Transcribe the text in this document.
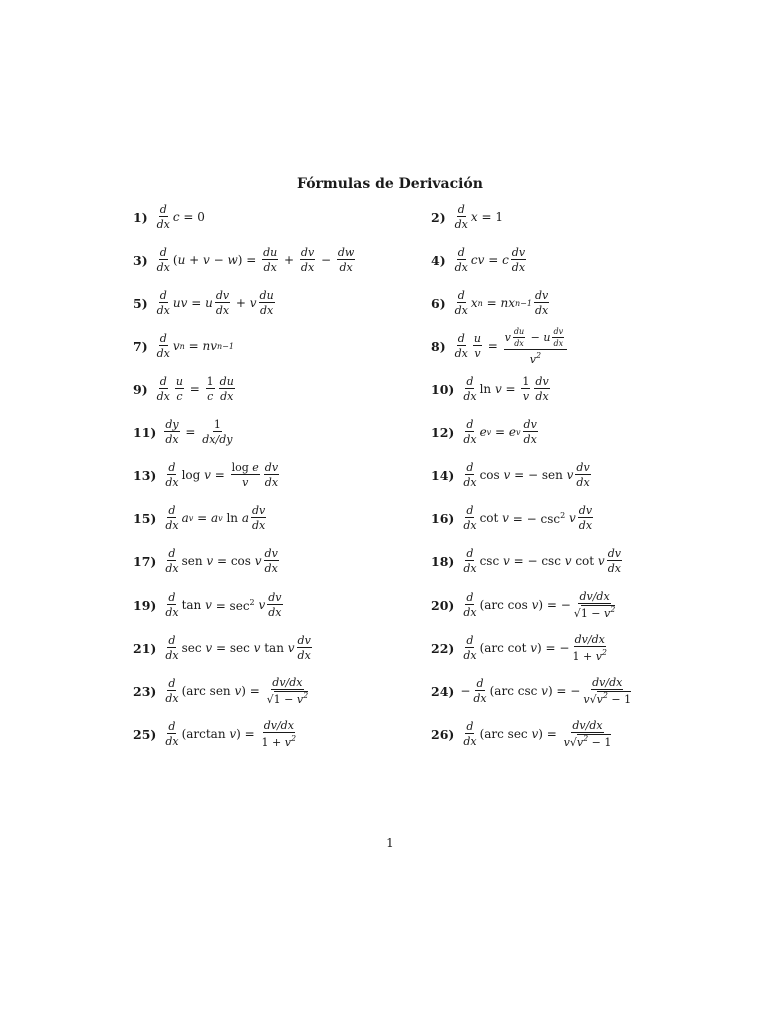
Fórmulas de Derivación
$1) \frac{d}{dx}$ c = 0	$2) \frac{d}{dx}$ x = 1
$3) \frac{d}{dx}$ ( u + v − w ) = $\frac{du}{dx} + \frac{dv}{dx} - \frac{dw}{dx}$	$4) \frac{d}{dx}$ cv = c $\frac{dv}{dx}$
$5) \frac{d}{dx}$ uv = u $\frac{dv}{dx} + v \frac{du}{dx}$	$6) \frac{d}{dx}$ x n = nx $n-1 \frac{dv}{dx}$
$7) \frac{d}{dx}$ v n = nv n−1	$8) \frac{d}{dx} \frac{u}{v} = \frac{v \frac{du}{dx} - u \frac{dv}{dx}}{v^2}$
$9) \frac{d}{dx} \frac{u}{c} = \frac{1}{c} \frac{du}{dx}$	$10) \frac{d}{dx}$ $\ln v = \frac{1}{v} \frac{dv}{dx}$
$11) \frac{dy}{dx} = \frac{1}{dx/dy}$	$12) \frac{d}{dx}$ e v = e v $\frac{dv}{dx}$
$13) \frac{d}{dx}$ $\log v = \frac{\text{log e}}{v} \frac{dv}{dx}$	$14) \frac{d}{dx}$ cos v = − sen v $\frac{dv}{dx}$
$15) \frac{d}{dx}$ a v = a v ln a $\frac{dv}{dx}$	$16) \frac{d}{dx}$ cot v = − $\csc^2 v \frac{dv}{dx}$
$17) \frac{d}{dx}$ sen v = cos v $\frac{dv}{dx}$	$18) \frac{d}{dx}$ csc v = − csc v cot v $\frac{dv}{dx}$
$19) \frac{d}{dx}$ $\tan v = \sec^2 v \frac{dv}{dx}$	$20) \frac{d}{dx} (arc$ cos v ) = − $\frac{dv/dx}{√1 - v^2}$
$21) \frac{d}{dx}$ sec v = sec v tan v $\frac{dv}{dx}$	$22) \frac{d}{dx} (arc$ cot v ) = − $\frac{dv/dx}{1 + v^2}$
$23) \frac{d}{dx} (arc$ sen v ) = $\frac{dv/dx}{√1 - v^2}$	$24) - \frac{d}{dx} (arc$ csc v ) = − $\frac{dv/dx}{v√v^2 - 1}$
$25) \frac{d}{dx} (\arctan$ v ) = $\frac{dv/dx}{1 + v^2}$	$26) \frac{d}{dx} (arc$ sec v ) = $\frac{dv/dx}{v√v^2 - 1}$
1
